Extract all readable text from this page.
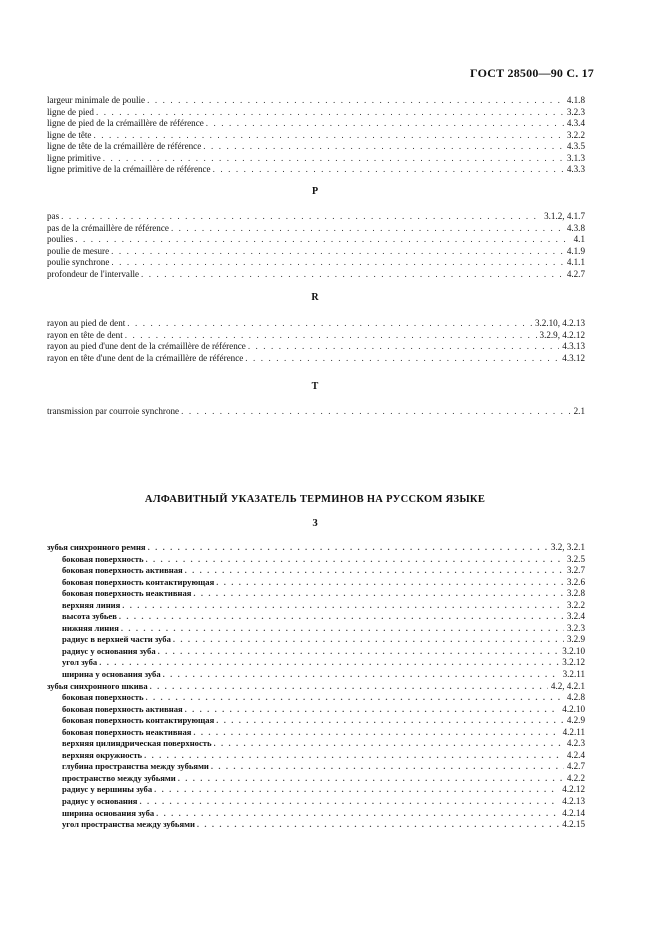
ГОСТ 28500—90 С. 17
largeur minimale de poulie . . .	4.1.8
ligne de pied . . .	3.2.3
ligne de pied de la crémaillère de référence . . .	4.3.4
ligne de tête . . .	3.2.2
ligne de tête de la crémaillère de référence . . .	4.3.5
ligne primitive . . .	3.1.3
ligne primitive de la crémaillère de référence . . .	4.3.3
P
pas . . .	3.1.2, 4.1.7
pas de la crémaillère de référence . . .	4.3.8
poulies . . .	4.1
poulie de mesure . . .	4.1.9
poulie synchrone . . .	4.1.1
profondeur de l'intervalle . . .	4.2.7
R
rayon au pied de dent . . .	3.2.10, 4.2.13
rayon en tête de dent . . .	3.2.9, 4.2.12
rayon au pied d'une dent de la crémaillère de référence . . .	4.3.13
rayon en tête d'une dent de la crémaillère de référence . . .	4.3.12
T
transmission par courroie synchrone . . .	2.1
АЛФАВИТНЫЙ УКАЗАТЕЛЬ ТЕРМИНОВ НА РУССКОМ ЯЗЫКЕ
З
зубья синхронного ремня . . .	3.2, 3.2.1
боковая поверхность . . .	3.2.5
боковая поверхность активная . . .	3.2.7
боковая поверхность контактирующая . . .	3.2.6
боковая поверхность неактивная . . .	3.2.8
верхняя линия . . .	3.2.2
высота зубьев . . .	3.2.4
нижняя линия . . .	3.2.3
радиус в верхней части зуба . . .	3.2.9
радиус у основания зуба . . .	3.2.10
угол зуба . . .	3.2.12
ширина у основания зуба . . .	3.2.11
зубья синхронного шкива . . .	4.2, 4.2.1
боковая поверхность . . .	4.2.8
боковая поверхность активная . . .	4.2.10
боковая поверхность контактирующая . . .	4.2.9
боковая поверхность неактивная . . .	4.2.11
верхняя цилиндрическая поверхность . . .	4.2.3
верхняя окружность . . .	4.2.4
глубина пространства между зубьями . . .	4.2.7
пространство между зубьями . . .	4.2.2
радиус у вершины зуба . . .	4.2.12
радиус у основания . . .	4.2.13
ширина основания зуба . . .	4.2.14
угол пространства между зубьями . . .	4.2.15
